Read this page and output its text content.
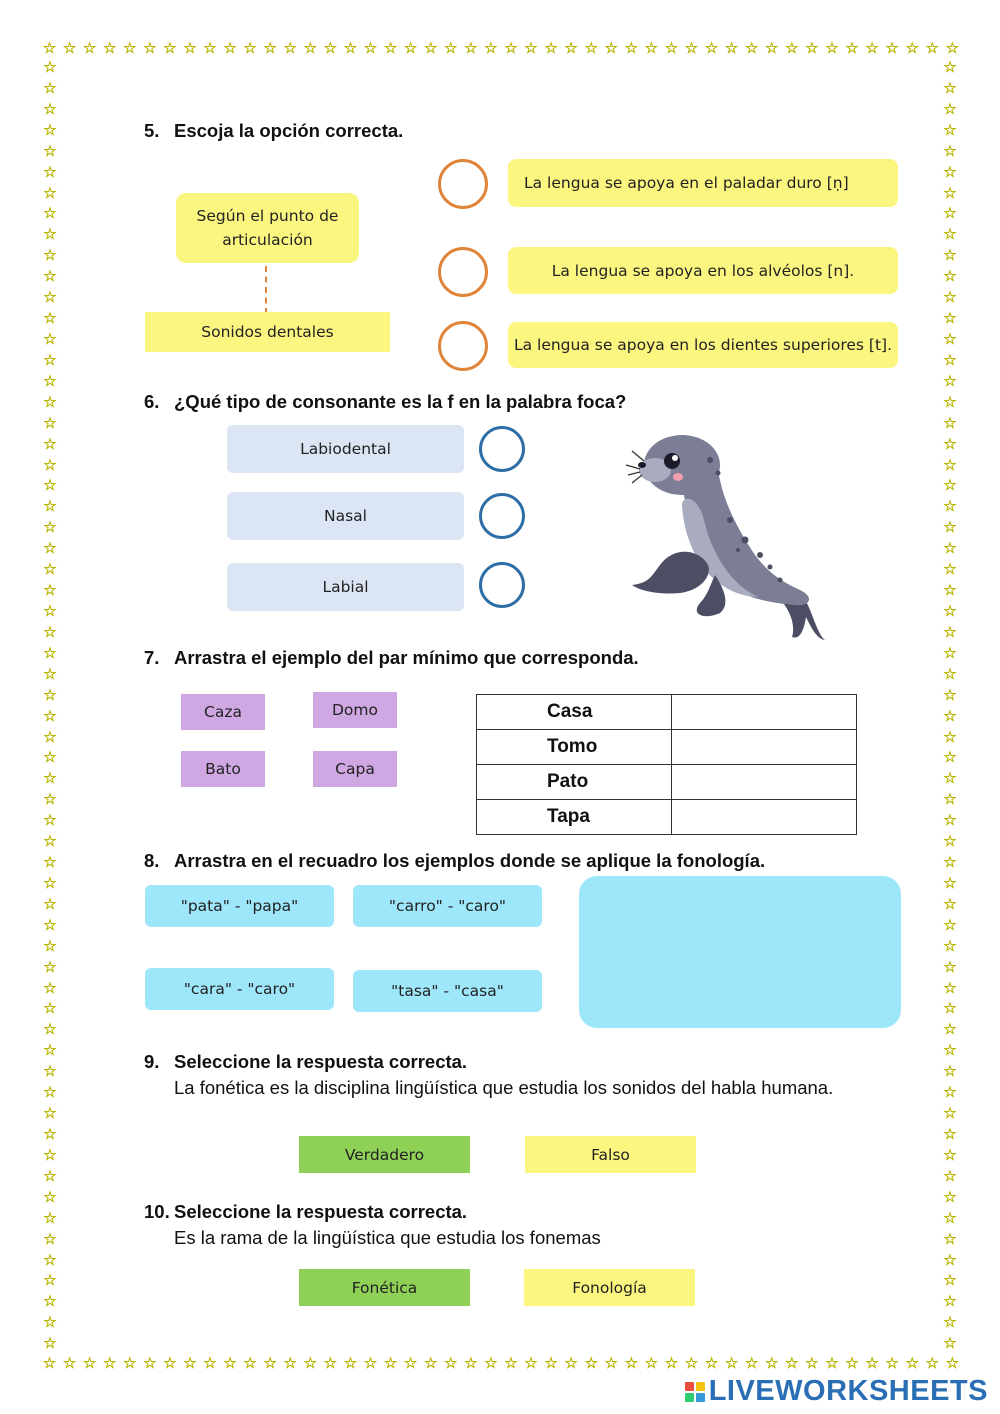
☆ ☆ ☆ ☆ ☆ ☆ ☆ ☆ ☆ ☆ ☆ ☆ ☆ ☆ ☆ ☆ ☆ ☆ ☆ ☆ ☆ ☆ ☆ ☆ ☆ ☆ ☆ ☆ ☆ ☆ ☆ ☆ ☆ ☆ ☆ ☆ ☆ ☆ ☆ ☆ ☆ ☆ ☆ ☆ ☆ ☆
☆ ☆ ☆ ☆ ☆ ☆ ☆ ☆ ☆ ☆ ☆ ☆ ☆ ☆ ☆ ☆ ☆ ☆ ☆ ☆ ☆ ☆ ☆ ☆ ☆ ☆ ☆ ☆ ☆ ☆ ☆ ☆ ☆ ☆ ☆ ☆ ☆ ☆ ☆ ☆ ☆ ☆ ☆ ☆ ☆ ☆
☆
☆
☆
☆
☆
☆
☆
☆
☆
☆
☆
☆
☆
☆
☆
☆
☆
☆
☆
☆
☆
☆
☆
☆
☆
☆
☆
☆
☆
☆
☆
☆
☆
☆
☆
☆
☆
☆
☆
☆
☆
☆
☆
☆
☆
☆
☆
☆
☆
☆
☆
☆
☆
☆
☆
☆
☆
☆
☆
☆
☆
☆
☆
☆
☆
☆
☆
☆
☆
☆
☆
☆
☆
☆
☆
☆
☆
☆
☆
☆
☆
☆
☆
☆
☆
☆
☆
☆
☆
☆
☆
☆
☆
☆
☆
☆
☆
☆
☆
☆
☆
☆
☆
☆
☆
☆
☆
☆
☆
☆
☆
☆
☆
☆
☆
☆
☆
☆
☆
☆
☆
☆
☆
☆
5. Escoja la opción correcta.
Según el punto de articulación
Sonidos dentales
La lengua se apoya en el paladar duro [ṇ]
La lengua se apoya en los alvéolos [n].
La lengua se apoya en los dientes superiores [t].
6. ¿Qué tipo de consonante es la f en la palabra foca?
Labiodental
Nasal
Labial
7. Arrastra el ejemplo del par mínimo que corresponda.
Caza	Domo
Bato	Capa
Casa	
Tomo	
Pato	
Tapa	
8. Arrastra en el recuadro los ejemplos donde se aplique la fonología.
"pata" - "papa"	"carro" - "caro"
"cara" - "caro"	"tasa" - "casa"
9. Seleccione la respuesta correcta.
La fonética es la disciplina lingüística que estudia los sonidos del habla humana.
Verdadero	Falso
10. Seleccione la respuesta correcta.
Es la rama de la lingüística que estudia los fonemas
Fonética	Fonología
LIVEWORKSHEETS
